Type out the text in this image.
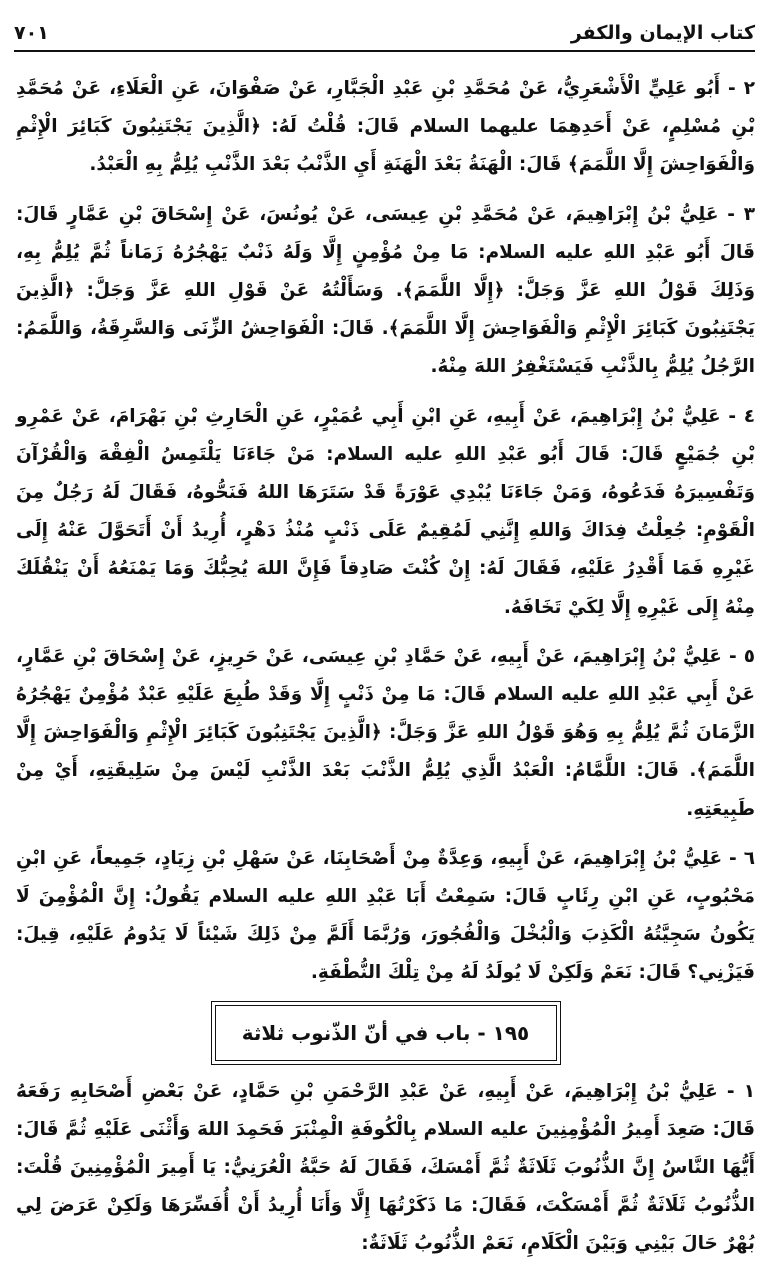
٧٠١	كتاب الإيمان والكفر

٢ - أَبُو عَلِيٍّ الْأَشْعَرِيُّ، عَنْ مُحَمَّدِ بْنِ عَبْدِ الْجَبَّارِ، عَنْ صَفْوَانَ، عَنِ الْعَلَاءِ، عَنْ مُحَمَّدِ بْنِ مُسْلِمٍ، عَنْ أَحَدِهِمَا عليهما السلام قَالَ: قُلْتُ لَهُ: ﴿الَّذِينَ يَجْتَنِبُونَ كَبَائِرَ الْإِثْمِ وَالْفَوَاحِشَ إِلَّا اللَّمَمَ﴾ قَالَ: الْهَنَةُ بَعْدَ الْهَنَةِ أَيِ الذَّنْبُ بَعْدَ الذَّنْبِ يُلِمُّ بِهِ الْعَبْدُ.

٣ - عَلِيُّ بْنُ إِبْرَاهِيمَ، عَنْ مُحَمَّدِ بْنِ عِيسَى، عَنْ يُونُسَ، عَنْ إِسْحَاقَ بْنِ عَمَّارٍ قَالَ: قَالَ أَبُو عَبْدِ اللهِ عليه السلام: مَا مِنْ مُؤْمِنٍ إِلَّا وَلَهُ ذَنْبٌ يَهْجُرُهُ زَمَاناً ثُمَّ يُلِمُّ بِهِ، وَذَلِكَ قَوْلُ اللهِ عَزَّ وَجَلَّ: ﴿إِلَّا اللَّمَمَ﴾. وَسَأَلْتُهُ عَنْ قَوْلِ اللهِ عَزَّ وَجَلَّ: ﴿الَّذِينَ يَجْتَنِبُونَ كَبَائِرَ الْإِثْمِ وَالْفَوَاحِشَ إِلَّا اللَّمَمَ﴾. قَالَ: الْفَوَاحِشُ الزِّنَى وَالسَّرِقَةُ، وَاللَّمَمُ: الرَّجُلُ يُلِمُّ بِالذَّنْبِ فَيَسْتَغْفِرُ اللهَ مِنْهُ.

٤ - عَلِيُّ بْنُ إِبْرَاهِيمَ، عَنْ أَبِيهِ، عَنِ ابْنِ أَبِي عُمَيْرٍ، عَنِ الْحَارِثِ بْنِ بَهْرَامَ، عَنْ عَمْرِو بْنِ جُمَيْعٍ قَالَ: قَالَ أَبُو عَبْدِ اللهِ عليه السلام: مَنْ جَاءَنَا يَلْتَمِسُ الْفِقْهَ وَالْقُرْآنَ وَتَفْسِيرَهُ فَدَعُوهُ، وَمَنْ جَاءَنَا يُبْدِي عَوْرَةً قَدْ سَتَرَهَا اللهُ فَنَحُّوهُ، فَقَالَ لَهُ رَجُلٌ مِنَ الْقَوْمِ: جُعِلْتُ فِدَاكَ وَاللهِ إِنَّنِي لَمُقِيمٌ عَلَى ذَنْبٍ مُنْذُ دَهْرٍ، أُرِيدُ أَنْ أَتَحَوَّلَ عَنْهُ إِلَى غَيْرِهِ فَمَا أَقْدِرُ عَلَيْهِ، فَقَالَ لَهُ: إِنْ كُنْتَ صَادِقاً فَإِنَّ اللهَ يُحِبُّكَ وَمَا يَمْنَعُهُ أَنْ يَنْقُلَكَ مِنْهُ إِلَى غَيْرِهِ إِلَّا لِكَيْ تَخَافَهُ.

٥ - عَلِيُّ بْنُ إِبْرَاهِيمَ، عَنْ أَبِيهِ، عَنْ حَمَّادِ بْنِ عِيسَى، عَنْ حَرِيزٍ، عَنْ إِسْحَاقَ بْنِ عَمَّارٍ، عَنْ أَبِي عَبْدِ اللهِ عليه السلام قَالَ: مَا مِنْ ذَنْبٍ إِلَّا وَقَدْ طُبِعَ عَلَيْهِ عَبْدٌ مُؤْمِنٌ يَهْجُرُهُ الزَّمَانَ ثُمَّ يُلِمُّ بِهِ وَهُوَ قَوْلُ اللهِ عَزَّ وَجَلَّ: ﴿الَّذِينَ يَجْتَنِبُونَ كَبَائِرَ الْإِثْمِ وَالْفَوَاحِشَ إِلَّا اللَّمَمَ﴾. قَالَ: اللَّمَّامُ: الْعَبْدُ الَّذِي يُلِمُّ الذَّنْبَ بَعْدَ الذَّنْبِ لَيْسَ مِنْ سَلِيقَتِهِ، أَيْ مِنْ طَبِيعَتِهِ.

٦ - عَلِيُّ بْنُ إِبْرَاهِيمَ، عَنْ أَبِيهِ، وَعِدَّةٌ مِنْ أَصْحَابِنَا، عَنْ سَهْلِ بْنِ زِيَادٍ، جَمِيعاً، عَنِ ابْنِ مَحْبُوبٍ، عَنِ ابْنِ رِئَابٍ قَالَ: سَمِعْتُ أَبَا عَبْدِ اللهِ عليه السلام يَقُولُ: إِنَّ الْمُؤْمِنَ لَا يَكُونُ سَجِيَّتُهُ الْكَذِبَ وَالْبُخْلَ وَالْفُجُورَ، وَرُبَّمَا أَلَمَّ مِنْ ذَلِكَ شَيْئاً لَا يَدُومُ عَلَيْهِ، قِيلَ: فَيَزْنِي؟ قَالَ: نَعَمْ وَلَكِنْ لَا يُولَدُ لَهُ مِنْ تِلْكَ النُّطْفَةِ.

١٩٥ - باب في أنّ الذّنوب ثلاثة

١ - عَلِيُّ بْنُ إِبْرَاهِيمَ، عَنْ أَبِيهِ، عَنْ عَبْدِ الرَّحْمَنِ بْنِ حَمَّادٍ، عَنْ بَعْضِ أَصْحَابِهِ رَفَعَهُ قَالَ: صَعِدَ أَمِيرُ الْمُؤْمِنِينَ عليه السلام بِالْكُوفَةِ الْمِنْبَرَ فَحَمِدَ اللهَ وَأَثْنَى عَلَيْهِ ثُمَّ قَالَ: أَيُّهَا النَّاسُ إِنَّ الذُّنُوبَ ثَلَاثَةٌ ثُمَّ أَمْسَكَ، فَقَالَ لَهُ حَبَّةُ الْعُرَنِيُّ: يَا أَمِيرَ الْمُؤْمِنِينَ قُلْتَ: الذُّنُوبُ ثَلَاثَةٌ ثُمَّ أَمْسَكْتَ، فَقَالَ: مَا ذَكَرْتُهَا إِلَّا وَأَنَا أُرِيدُ أَنْ أُفَسِّرَهَا وَلَكِنْ عَرَضَ لِي بُهْرٌ حَالَ بَيْنِي وَبَيْنَ الْكَلَامِ، نَعَمْ الذُّنُوبُ ثَلَاثَةٌ:
